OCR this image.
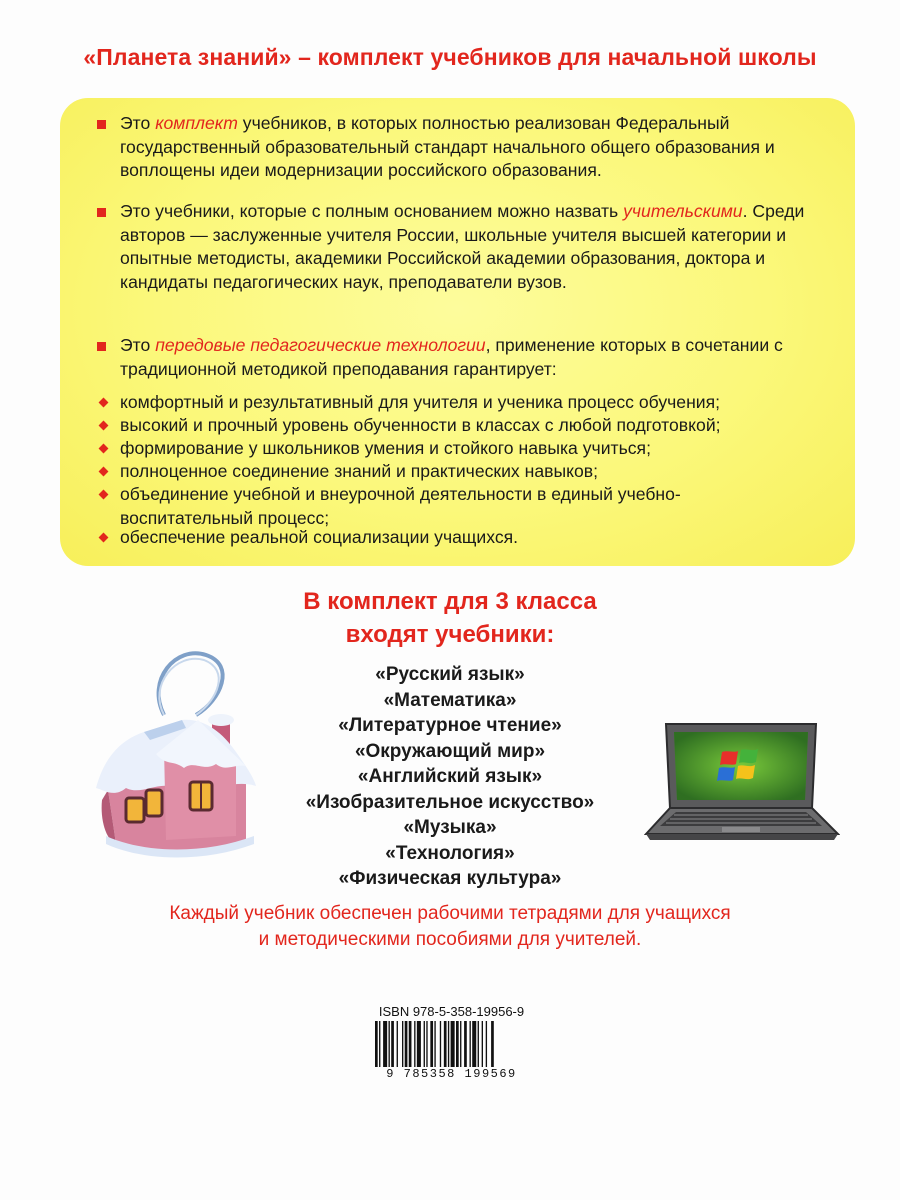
«Планета знаний» – комплект учебников для начальной школы
Это комплект учебников, в которых полностью реализован Федеральный государственный образовательный стандарт начального общего образования и воплощены идеи модернизации российского образования.
Это учебники, которые с полным основанием можно назвать учительскими. Среди авторов — заслуженные учителя России, школьные учителя высшей категории и опытные методисты, академики Российской академии образования, доктора и кандидаты педагогических наук, преподаватели вузов.
Это передовые педагогические технологии, применение которых в сочетании с традиционной методикой преподавания гарантирует:
комфортный и результативный для учителя и ученика процесс обучения;
высокий и прочный уровень обученности в классах с любой подготовкой;
формирование у школьников умения и стойкого навыка учиться;
полноценное соединение знаний и практических навыков;
объединение учебной и внеурочной деятельности в единый учебно-воспитательный процесс;
обеспечение реальной социализации учащихся.
В комплект для 3 класса
входят учебники:
«Русский язык»
«Математика»
«Литературное чтение»
«Окружающий мир»
«Английский язык»
«Изобразительное искусство»
«Музыка»
«Технология»
«Физическая культура»
Каждый учебник обеспечен рабочими тетрадями для учащихся
и методическими пособиями для учителей.
ISBN 978-5-358-19956-9
9 785358 199569
